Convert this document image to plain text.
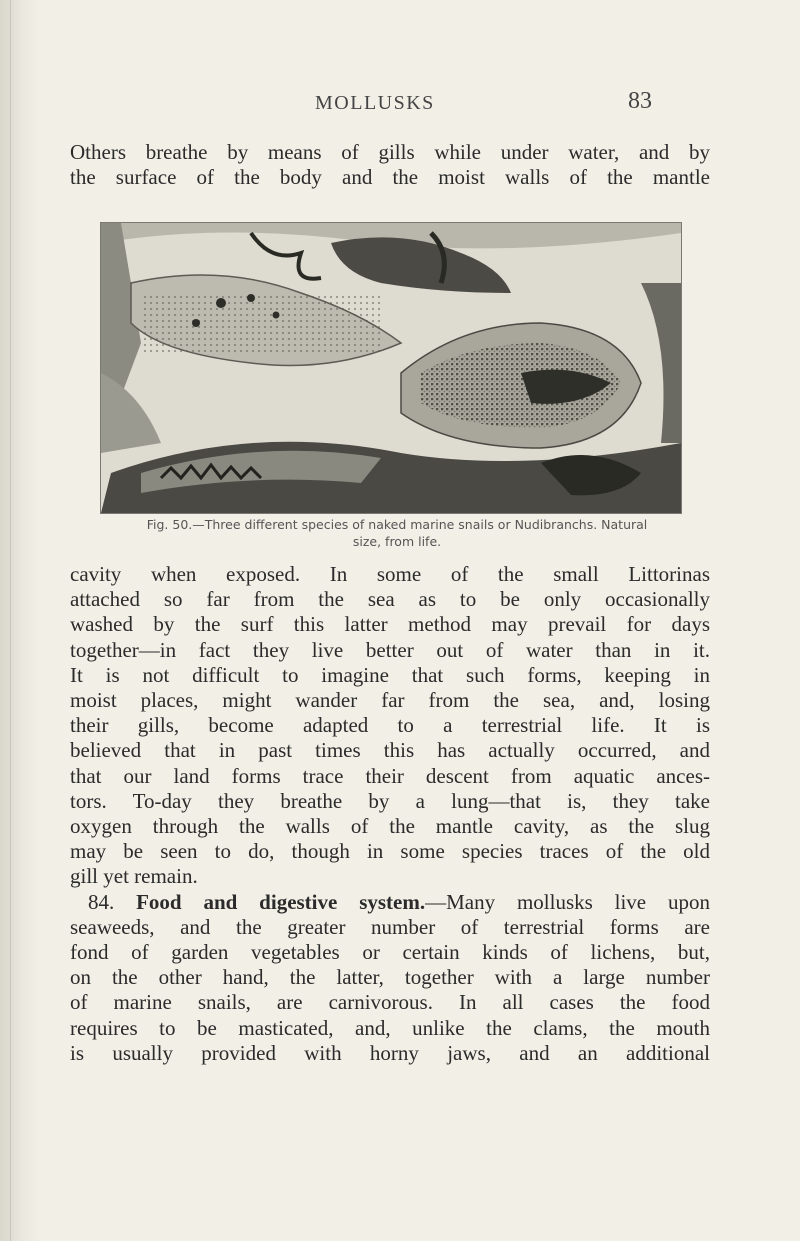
MOLLUSKS	83
Others breathe by means of gills while under water, and by
the surface of the body and the moist walls of the mantle
Fig. 50.—Three different species of naked marine snails or Nudibranchs. Natural
size, from life.
cavity when exposed. In some of the small Littorinas
attached so far from the sea as to be only occasionally
washed by the surf this latter method may prevail for days
together—in fact they live better out of water than in it.
It is not difficult to imagine that such forms, keeping in
moist places, might wander far from the sea, and, losing
their gills, become adapted to a terrestrial life. It is
believed that in past times this has actually occurred, and
that our land forms trace their descent from aquatic ances-
tors. To-day they breathe by a lung—that is, they take
oxygen through the walls of the mantle cavity, as the slug
may be seen to do, though in some species traces of the old
gill yet remain.
84. Food and digestive system.—Many mollusks live upon
seaweeds, and the greater number of terrestrial forms are
fond of garden vegetables or certain kinds of lichens, but,
on the other hand, the latter, together with a large number
of marine snails, are carnivorous. In all cases the food
requires to be masticated, and, unlike the clams, the mouth
is usually provided with horny jaws, and an additional
